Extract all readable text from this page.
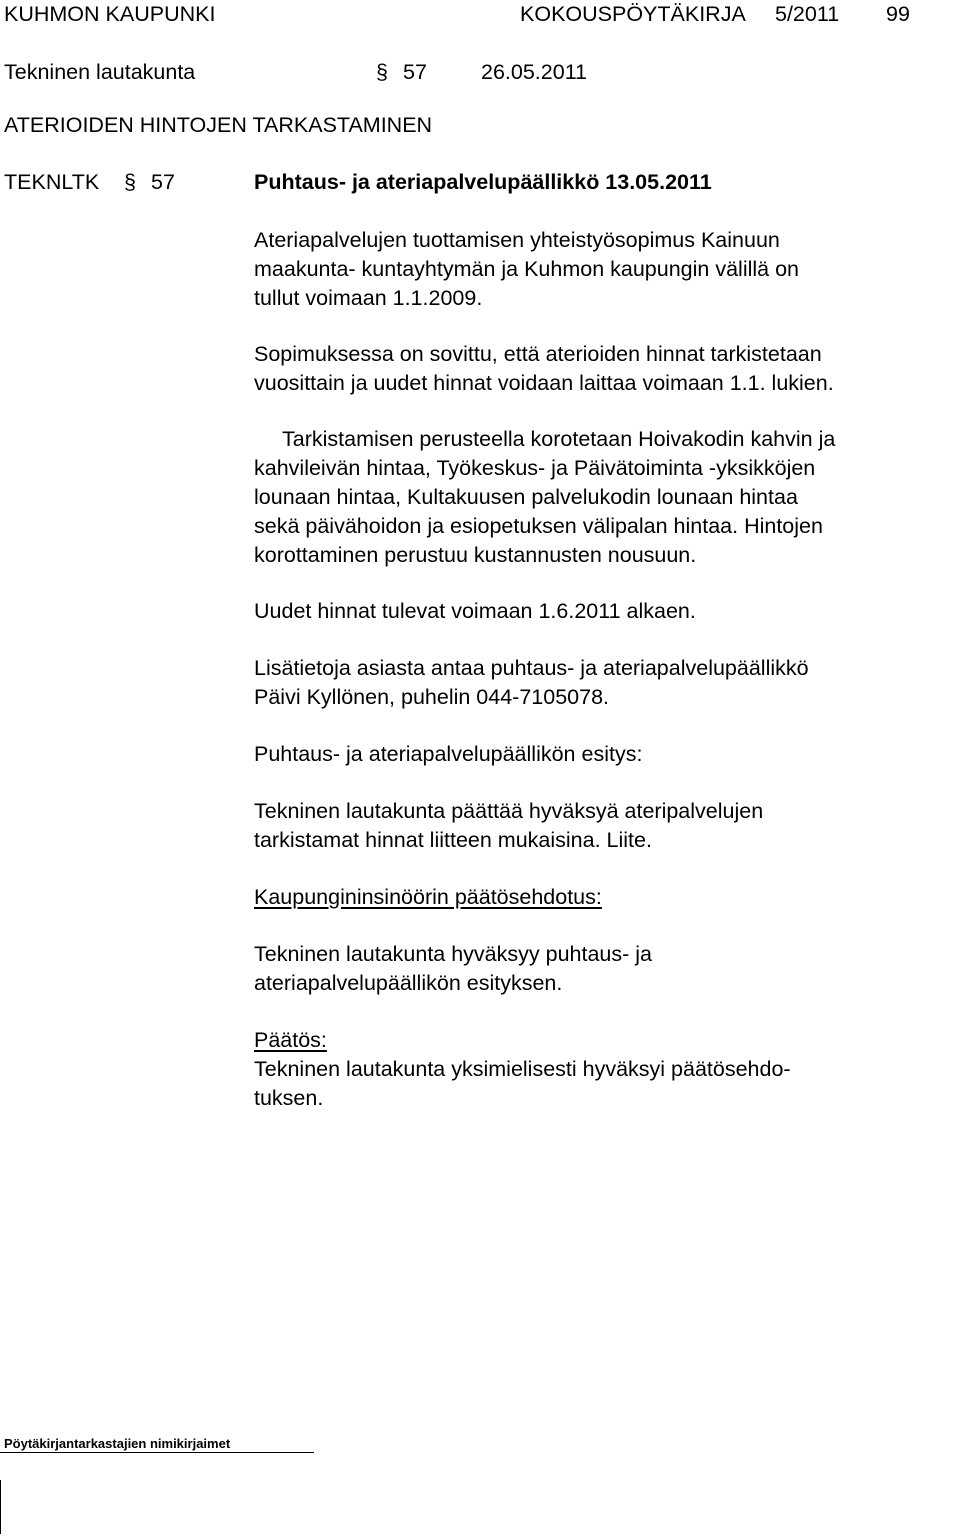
KUHMON KAUPUNKI	KOKOUSPÖYTÄKIRJA 5/2011 99
Tekninen lautakunta	§ 57	26.05.2011
ATERIOIDEN HINTOJEN TARKASTAMINEN
TEKNLTK § 57	Puhtaus- ja ateriapalvelupäällikkö 13.05.2011
Ateriapalvelujen tuottamisen yhteistyösopimus Kainuun
maakunta- kuntayhtymän ja Kuhmon kaupungin välillä on
tullut voimaan 1.1.2009.
Sopimuksessa on sovittu, että aterioiden hinnat tarkistetaan
vuosittain ja uudet hinnat voidaan laittaa voimaan 1.1. lukien.
Tarkistamisen perusteella korotetaan Hoivakodin kahvin ja
kahvileivän hintaa, Työkeskus- ja Päivätoiminta -yksikköjen
lounaan hintaa, Kultakuusen palvelukodin lounaan hintaa
sekä päivähoidon ja esiopetuksen välipalan hintaa. Hintojen
korottaminen perustuu kustannusten nousuun.
Uudet hinnat tulevat voimaan 1.6.2011 alkaen.
Lisätietoja asiasta antaa puhtaus- ja ateriapalvelupäällikkö
Päivi Kyllönen, puhelin 044-7105078.
Puhtaus- ja ateriapalvelupäällikön esitys:
Tekninen lautakunta päättää hyväksyä ateripalvelujen
tarkistamat hinnat liitteen mukaisina. Liite.
Kaupungininsinöörin päätösehdotus:
Tekninen lautakunta hyväksyy puhtaus- ja
ateriapalvelupäällikön esityksen.
Päätös:
Tekninen lautakunta yksimielisesti hyväksyi päätösehdo-
tuksen.
Pöytäkirjantarkastajien nimikirjaimet
